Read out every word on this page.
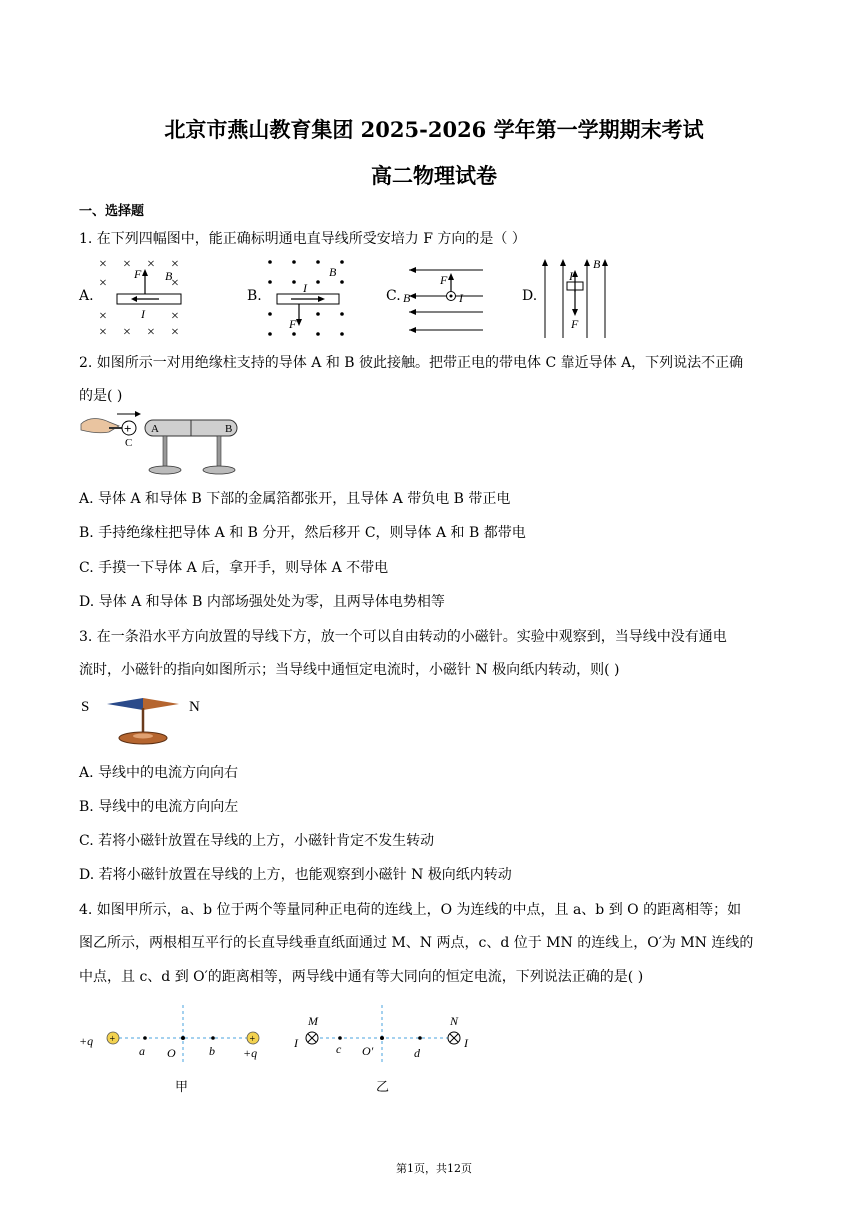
北京市燕山教育集团 2025-2026 学年第一学期期末考试
高二物理试卷
一、选择题
1. 在下列四幅图中，能正确标明通电直导线所受安培力 F 方向的是（ ）
A.
× × × ×
×	×
× × × ×
×	×
F B
I
B.	I
B
F
C.
F
B	I	D.
I
B
F
2. 如图所示一对用绝缘柱支持的导体 A 和 B 彼此接触。把带正电的带电体 C 靠近导体 A，下列说法不正确
的是( )
+
C
A	B
A. 导体 A 和导体 B 下部的金属箔都张开，且导体 A 带负电 B 带正电
B. 手持绝缘柱把导体 A 和 B 分开，然后移开 C，则导体 A 和 B 都带电
C. 手摸一下导体 A 后，拿开手，则导体 A 不带电
D. 导体 A 和导体 B 内部场强处处为零，且两导体电势相等
3. 在一条沿水平方向放置的导线下方，放一个可以自由转动的小磁针。实验中观察到，当导线中没有通电
流时，小磁针的指向如图所示；当导线中通恒定电流时，小磁针 N 极向纸内转动，则( )
S	N
A. 导线中的电流方向向右
B. 导线中的电流方向向左
C. 若将小磁针放置在导线的上方，小磁针肯定不发生转动
D. 若将小磁针放置在导线的上方，也能观察到小磁针 N 极向纸内转动
4. 如图甲所示，a、b 位于两个等量同种正电荷的连线上，O 为连线的中点，且 a、b 到 O 的距离相等；如
图乙所示，两根相互平行的长直导线垂直纸面通过 M、N 两点，c、d 位于 MN 的连线上，O′为 MN 连线的
中点，且 c、d 到 O′的距离相等，两导线中通有等大同向的恒定电流，下列说法正确的是( )
+	+
+q
a O	b +q
甲
M	N
I	I
c O′	d
乙
第1页，共12页
